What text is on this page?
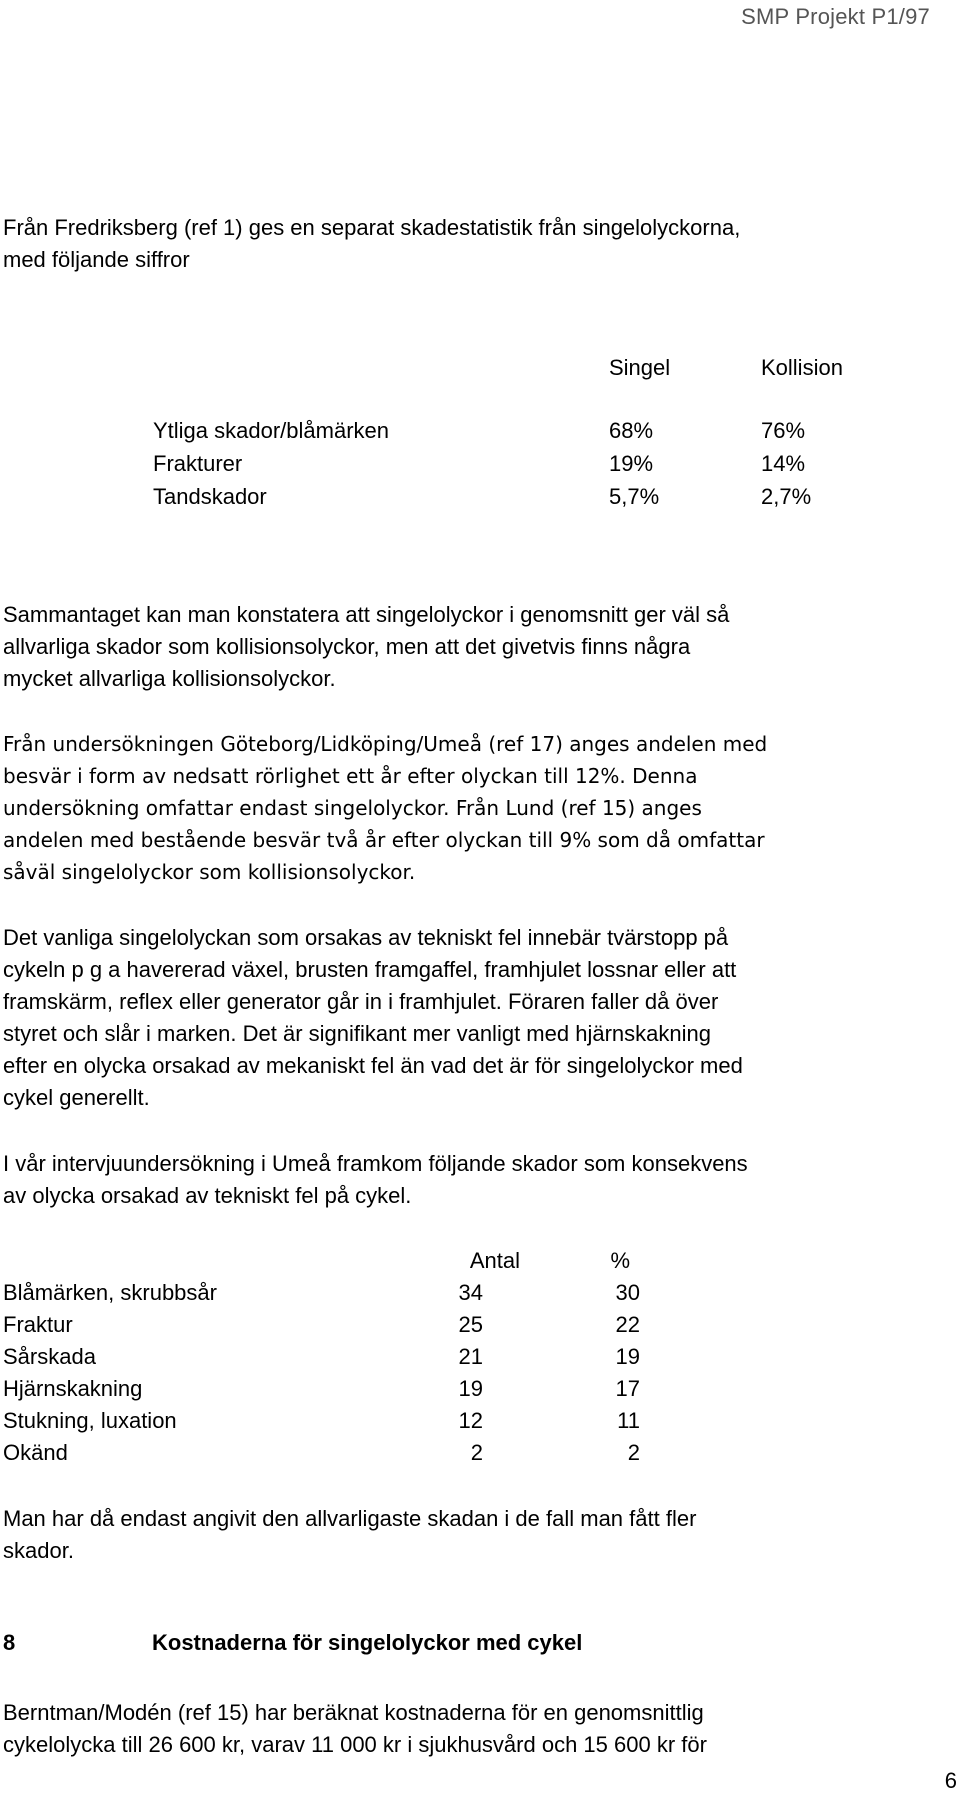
SMP Projekt P1/97
Från Fredriksberg (ref 1) ges en separat skadestatistik från singelolyckorna,
med följande siffror
Singel	Kollision
Ytliga skador/blåmärken	68%	76%
Frakturer	19%	14%
Tandskador	5,7%	2,7%
Sammantaget kan man konstatera att singelolyckor i genomsnitt ger väl så
allvarliga skador som kollisionsolyckor, men att det givetvis finns några
mycket allvarliga kollisionsolyckor.
Från undersökningen Göteborg/Lidköping/Umeå (ref 17) anges andelen med
besvär i form av nedsatt rörlighet ett år efter olyckan till 12%. Denna
undersökning omfattar endast singelolyckor. Från Lund (ref 15) anges
andelen med bestående besvär två år efter olyckan till 9% som då omfattar
såväl singelolyckor som kollisionsolyckor.
Det vanliga singelolyckan som orsakas av tekniskt fel innebär tvärstopp på
cykeln p g a havererad växel, brusten framgaffel, framhjulet lossnar eller att
framskärm, reflex eller generator går in i framhjulet. Föraren faller då över
styret och slår i marken. Det är signifikant mer vanligt med hjärnskakning
efter en olycka orsakad av mekaniskt fel än vad det är för singelolyckor med
cykel generellt.
I vår intervjuundersökning i Umeå framkom följande skador som konsekvens
av olycka orsakad av tekniskt fel på cykel.
Antal	%
Blåmärken, skrubbsår	34	30
Fraktur	25	22
Sårskada	21	19
Hjärnskakning	19	17
Stukning, luxation	12	11
Okänd	2	2
Man har då endast angivit den allvarligaste skadan i de fall man fått fler
skador.
8	Kostnaderna för singelolyckor med cykel
Berntman/Modén (ref 15) har beräknat kostnaderna för en genomsnittlig
cykelolycka till 26 600 kr, varav 11 000 kr i sjukhusvård och 15 600 kr för
6
